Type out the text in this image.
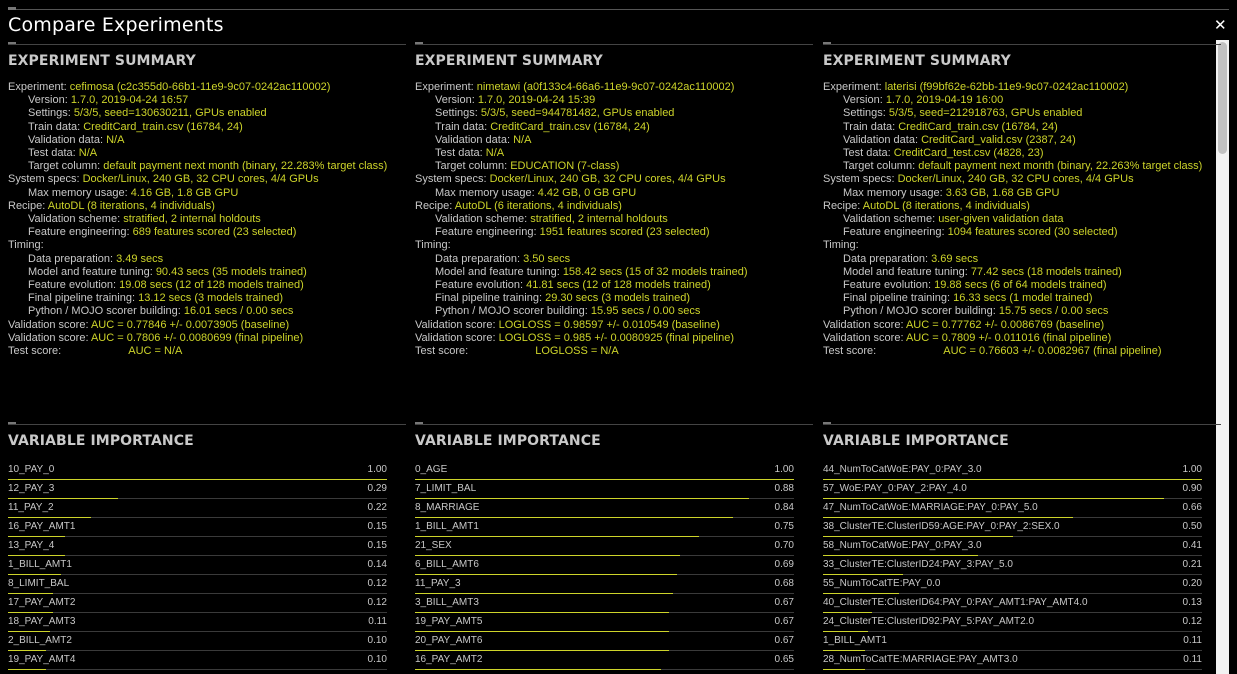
Compare Experiments	✕
EXPERIMENT SUMMARY
Experiment: cefimosa (c2c355d0-66b1-11e9-9c07-0242ac110002)
Version: 1.7.0, 2019-04-24 16:57
Settings: 5/3/5, seed=130630211, GPUs enabled
Train data: CreditCard_train.csv (16784, 24)
Validation data: N/A
Test data: N/A
Target column: default payment next month (binary, 22.283% target class)
System specs: Docker/Linux, 240 GB, 32 CPU cores, 4/4 GPUs
Max memory usage: 4.16 GB, 1.8 GB GPU
Recipe: AutoDL (8 iterations, 4 individuals)
Validation scheme: stratified, 2 internal holdouts
Feature engineering: 689 features scored (23 selected)
Timing:
Data preparation: 3.49 secs
Model and feature tuning: 90.43 secs (35 models trained)
Feature evolution: 19.08 secs (12 of 128 models trained)
Final pipeline training: 13.12 secs (3 models trained)
Python / MOJO scorer building: 16.01 secs / 0.00 secs
Validation score: AUC = 0.77846 +/- 0.0073905 (baseline)
Validation score: AUC = 0.7806 +/- 0.0080699 (final pipeline)
Test score:	AUC = N/A
VARIABLE IMPORTANCE
10_PAY_0	1.00
12_PAY_3	0.29
11_PAY_2	0.22
16_PAY_AMT1	0.15
13_PAY_4	0.15
1_BILL_AMT1	0.14
8_LIMIT_BAL	0.12
17_PAY_AMT2	0.12
18_PAY_AMT3	0.11
2_BILL_AMT2	0.10
19_PAY_AMT4	0.10
EXPERIMENT SUMMARY
Experiment: nimetawi (a0f133c4-66a6-11e9-9c07-0242ac110002)
Version: 1.7.0, 2019-04-24 15:39
Settings: 5/3/5, seed=944781482, GPUs enabled
Train data: CreditCard_train.csv (16784, 24)
Validation data: N/A
Test data: N/A
Target column: EDUCATION (7-class)
System specs: Docker/Linux, 240 GB, 32 CPU cores, 4/4 GPUs
Max memory usage: 4.42 GB, 0 GB GPU
Recipe: AutoDL (6 iterations, 4 individuals)
Validation scheme: stratified, 2 internal holdouts
Feature engineering: 1951 features scored (23 selected)
Timing:
Data preparation: 3.50 secs
Model and feature tuning: 158.42 secs (15 of 32 models trained)
Feature evolution: 41.81 secs (12 of 128 models trained)
Final pipeline training: 29.30 secs (3 models trained)
Python / MOJO scorer building: 15.95 secs / 0.00 secs
Validation score: LOGLOSS = 0.98597 +/- 0.010549 (baseline)
Validation score: LOGLOSS = 0.985 +/- 0.0080925 (final pipeline)
Test score:	LOGLOSS = N/A
VARIABLE IMPORTANCE
0_AGE	1.00
7_LIMIT_BAL	0.88
8_MARRIAGE	0.84
1_BILL_AMT1	0.75
21_SEX	0.70
6_BILL_AMT6	0.69
11_PAY_3	0.68
3_BILL_AMT3	0.67
19_PAY_AMT5	0.67
20_PAY_AMT6	0.67
16_PAY_AMT2	0.65
EXPERIMENT SUMMARY
Experiment: laterisi (f99bf62e-62bb-11e9-9c07-0242ac110002)
Version: 1.7.0, 2019-04-19 16:00
Settings: 5/3/5, seed=212918763, GPUs enabled
Train data: CreditCard_train.csv (16784, 24)
Validation data: CreditCard_valid.csv (2387, 24)
Test data: CreditCard_test.csv (4828, 23)
Target column: default payment next month (binary, 22.263% target class)
System specs: Docker/Linux, 240 GB, 32 CPU cores, 4/4 GPUs
Max memory usage: 3.63 GB, 1.68 GB GPU
Recipe: AutoDL (8 iterations, 4 individuals)
Validation scheme: user-given validation data
Feature engineering: 1094 features scored (30 selected)
Timing:
Data preparation: 3.69 secs
Model and feature tuning: 77.42 secs (18 models trained)
Feature evolution: 19.88 secs (6 of 64 models trained)
Final pipeline training: 16.33 secs (1 model trained)
Python / MOJO scorer building: 15.75 secs / 0.00 secs
Validation score: AUC = 0.77762 +/- 0.0086769 (baseline)
Validation score: AUC = 0.7809 +/- 0.011016 (final pipeline)
Test score:	AUC = 0.76603 +/- 0.0082967 (final pipeline)
VARIABLE IMPORTANCE
44_NumToCatWoE:PAY_0:PAY_3.0	1.00
57_WoE:PAY_0:PAY_2:PAY_4.0	0.90
47_NumToCatWoE:MARRIAGE:PAY_0:PAY_5.0	0.66
38_ClusterTE:ClusterID59:AGE:PAY_0:PAY_2:SEX.0	0.50
58_NumToCatWoE:PAY_0:PAY_3.0	0.41
33_ClusterTE:ClusterID24:PAY_3:PAY_5.0	0.21
55_NumToCatTE:PAY_0.0	0.20
40_ClusterTE:ClusterID64:PAY_0:PAY_AMT1:PAY_AMT4.0	0.13
24_ClusterTE:ClusterID92:PAY_5:PAY_AMT2.0	0.12
1_BILL_AMT1	0.11
28_NumToCatTE:MARRIAGE:PAY_AMT3.0	0.11
